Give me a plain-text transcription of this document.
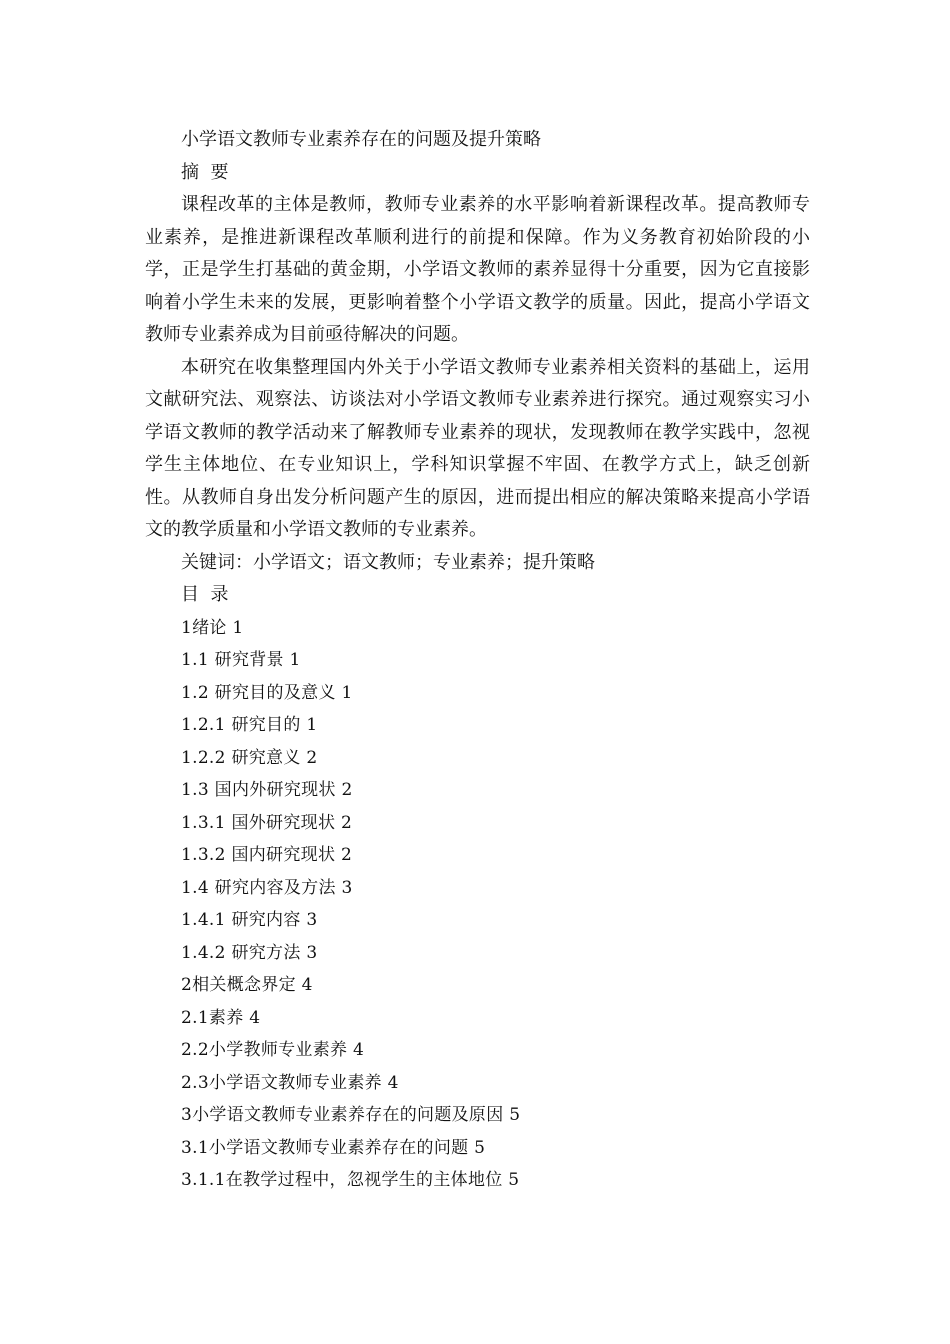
小学语文教师专业素养存在的问题及提升策略

摘  要

课程改革的主体是教师，教师专业素养的水平影响着新课程改革。提高教师专业素养，是推进新课程改革顺利进行的前提和保障。作为义务教育初始阶段的小学，正是学生打基础的黄金期，小学语文教师的素养显得十分重要，因为它直接影响着小学生未来的发展，更影响着整个小学语文教学的质量。因此，提高小学语文教师专业素养成为目前亟待解决的问题。

本研究在收集整理国内外关于小学语文教师专业素养相关资料的基础上，运用文献研究法、观察法、访谈法对小学语文教师专业素养进行探究。通过观察实习小学语文教师的教学活动来了解教师专业素养的现状，发现教师在教学实践中，忽视学生主体地位、在专业知识上，学科知识掌握不牢固、在教学方式上，缺乏创新性。从教师自身出发分析问题产生的原因，进而提出相应的解决策略来提高小学语文的教学质量和小学语文教师的专业素养。

关键词：小学语文；语文教师；专业素养；提升策略

目  录

1绪论 1
1.1 研究背景 1
1.2 研究目的及意义 1
1.2.1 研究目的 1
1.2.2 研究意义 2
1.3 国内外研究现状 2
1.3.1 国外研究现状 2
1.3.2 国内研究现状 2
1.4 研究内容及方法 3
1.4.1 研究内容 3
1.4.2 研究方法 3
2相关概念界定 4
2.1素养 4
2.2小学教师专业素养 4
2.3小学语文教师专业素养 4
3小学语文教师专业素养存在的问题及原因 5
3.1小学语文教师专业素养存在的问题 5
3.1.1在教学过程中，忽视学生的主体地位 5
